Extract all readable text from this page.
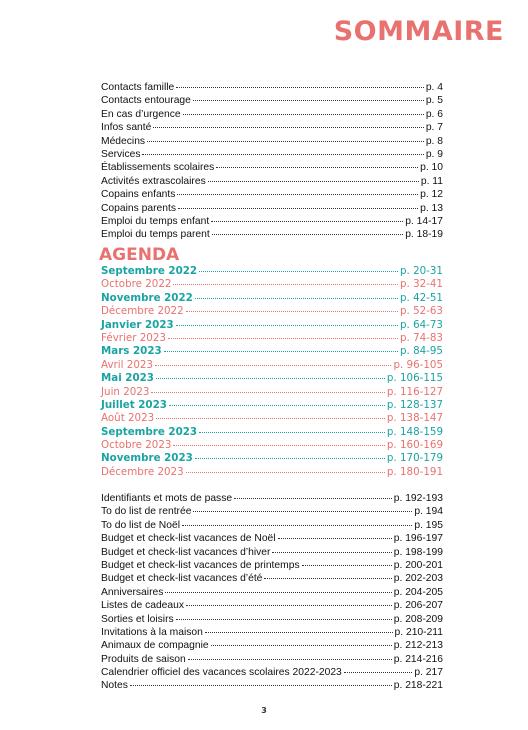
SOMMAIRE
Contacts famille	p. 4
Contacts entourage	p. 5
En cas d’urgence	p. 6
Infos santé	p. 7
Médecins	p. 8
Services	p. 9
Établissements scolaires	p. 10
Activités extrascolaires	p. 11
Copains enfants	p. 12
Copains parents	p. 13
Emploi du temps enfant	p. 14-17
Emploi du temps parent	p. 18-19
AGENDA
Septembre 2022	p. 20-31
Octobre 2022	p. 32-41
Novembre 2022	p. 42-51
Décembre 2022	p. 52-63
Janvier 2023	p. 64-73
Février 2023	p. 74-83
Mars 2023	p. 84-95
Avril 2023	p. 96-105
Mai 2023	p. 106-115
Juin 2023	p. 116-127
Juillet 2023	p. 128-137
Août 2023	p. 138-147
Septembre 2023	p. 148-159
Octobre 2023	p. 160-169
Novembre 2023	p. 170-179
Décembre 2023	p. 180-191
Identifiants et mots de passe	p. 192-193
To do list de rentrée	p. 194
To do list de Noël	p. 195
Budget et check-list vacances de Noël	p. 196-197
Budget et check-list vacances d’hiver	p. 198-199
Budget et check-list vacances de printemps	p. 200-201
Budget et check-list vacances d’été	p. 202-203
Anniversaires	p. 204-205
Listes de cadeaux	p. 206-207
Sorties et loisirs	p. 208-209
Invitations à la maison	p. 210-211
Animaux de compagnie	p. 212-213
Produits de saison	p. 214-216
Calendrier officiel des vacances scolaires 2022-2023	p. 217
Notes	p. 218-221
3
